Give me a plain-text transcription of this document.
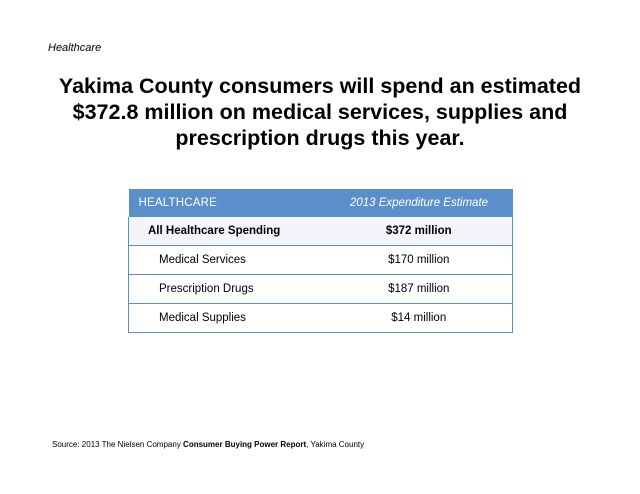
Healthcare
Yakima County consumers will spend an estimated
$372.8 million on medical services, supplies and
prescription drugs this year.
HEALTHCARE	2013 Expenditure Estimate
All Healthcare Spending	$372 million
Medical Services	$170 million
Prescription Drugs	$187 million
Medical Supplies	$14 million
Source: 2013 The Nielsen Company Consumer Buying Power Report, Yakima County
